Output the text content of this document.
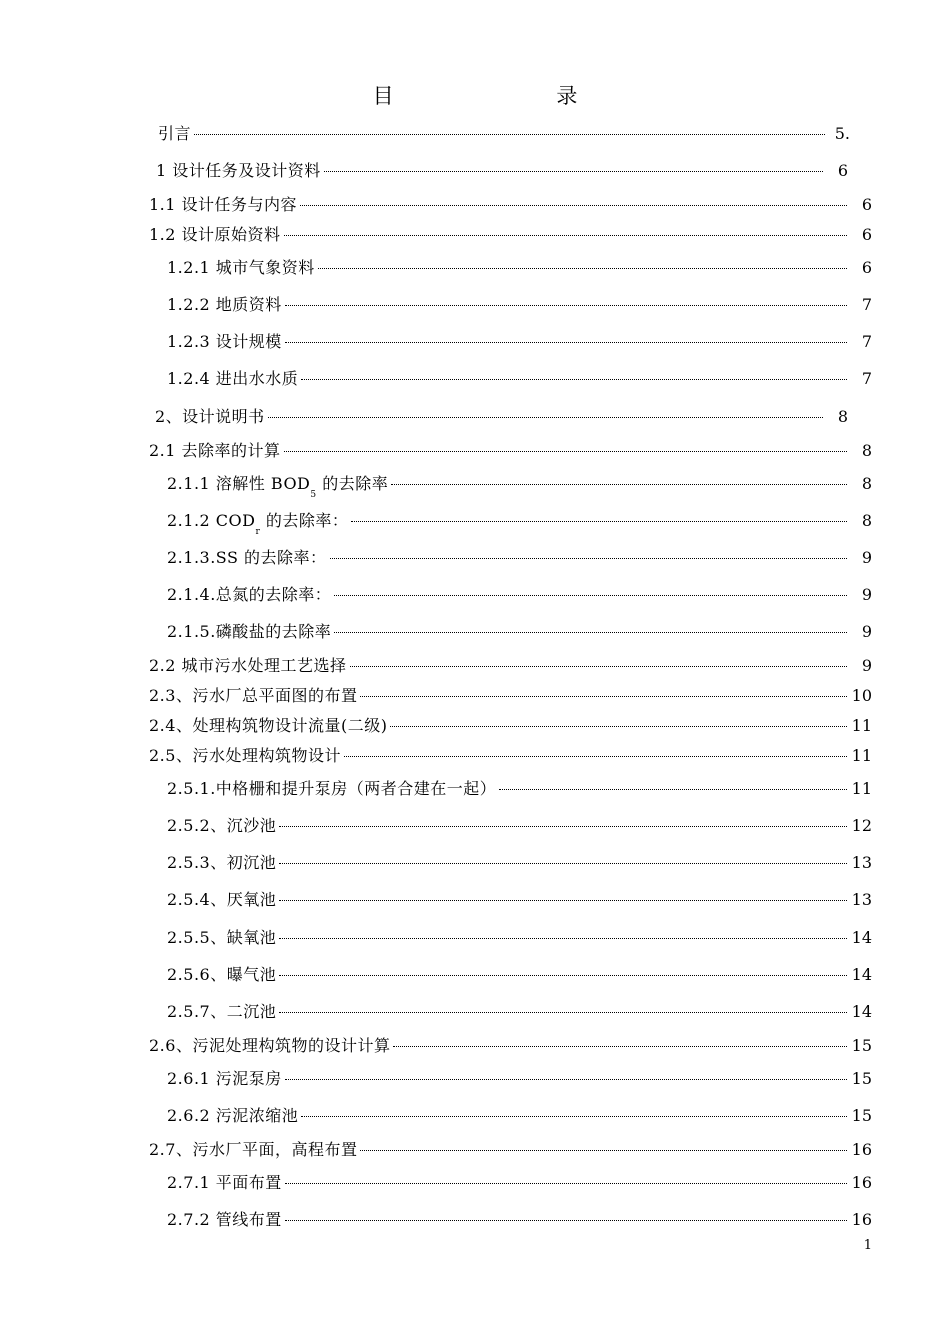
目 录
引言	5.
1 设计任务及设计资料	6
1.1 设计任务与内容	6
1.2 设计原始资料	6
1.2.1 城市气象资料	6
1.2.2 地质资料	7
1.2.3 设计规模	7
1.2.4 进出水水质	7
2、设计说明书	8
2.1 去除率的计算	8
2.1.1 溶解性 $BOD_5$ 的去除率	8
2.1.2 $COD_r$ 的去除率：	8
2.1.3.SS 的去除率：	9
2.1.4.总氮的去除率：	9
2.1.5.磷酸盐的去除率	9
2.2 城市污水处理工艺选择	9
2.3、污水厂总平面图的布置	10
2.4、处理构筑物设计流量(二级)	11
2.5、污水处理构筑物设计	11
2.5.1.中格栅和提升泵房（两者合建在一起）	11
2.5.2、沉沙池	12
2.5.3、初沉池	13
2.5.4、厌氧池	13
2.5.5、缺氧池	14
2.5.6、曝气池	14
2.5.7、二沉池	14
2.6、污泥处理构筑物的设计计算	15
2.6.1 污泥泵房	15
2.6.2 污泥浓缩池	15
2.7、污水厂平面，高程布置	16
2.7.1 平面布置	16
2.7.2 管线布置	16
1
